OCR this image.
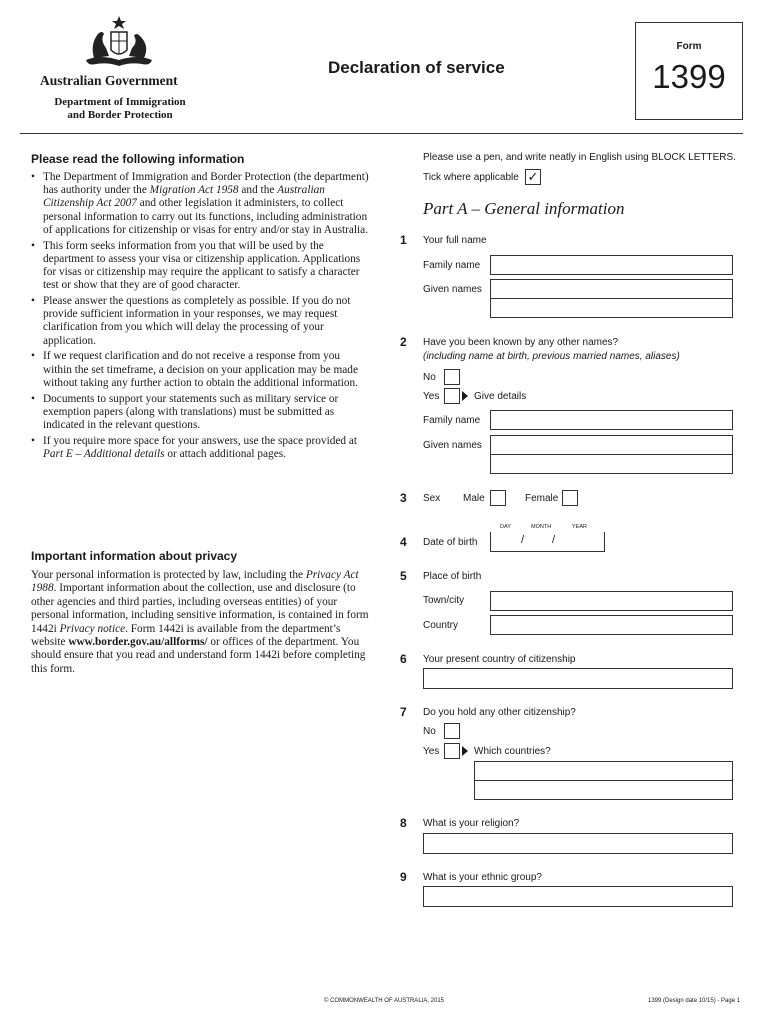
Australian Government
Department of Immigration
and Border Protection
Declaration of service
Form
1399
Please read the following information
• The Department of Immigration and Border Protection (the department) has authority under the Migration Act 1958 and the Australian Citizenship Act 2007 and other legislation it administers, to collect personal information to carry out its functions, including administration of applications for citizenship or visas for entry and/or stay in Australia.
• This form seeks information from you that will be used by the department to assess your visa or citizenship application. Applications for visas or citizenship may require the applicant to satisfy a character test or show that they are of good character.
• Please answer the questions as completely as possible. If you do not provide sufficient information in your responses, we may request clarification from you which will delay the processing of your application.
• If we request clarification and do not receive a response from you within the set timeframe, a decision on your application may be made without taking any further action to obtain the additional information.
• Documents to support your statements such as military service or exemption papers (along with translations) must be submitted as indicated in the relevant questions.
• If you require more space for your answers, use the space provided at Part E – Additional details or attach additional pages.
Important information about privacy
Your personal information is protected by law, including the Privacy Act 1988. Important information about the collection, use and disclosure (to other agencies and third parties, including overseas entities) of your personal information, including sensitive information, is contained in form 1442i Privacy notice. Form 1442i is available from the department’s website www.border.gov.au/allforms/ or offices of the department. You should ensure that you read and understand form 1442i before completing this form.
Please use a pen, and write neatly in English using BLOCK LETTERS.
Tick where applicable ✓
Part A – General information
1 Your full name
Family name
Given names
2 Have you been known by any other names?
(including name at birth, previous married names, aliases)
No
Yes	Give details
Family name
Given names
3 Sex Male	Female
DAY	MONTH	YEAR
4 Date of birth	/	/
5 Place of birth
Town/city
Country
6 Your present country of citizenship
7 Do you hold any other citizenship?
No
Yes	Which countries?
8 What is your religion?
9 What is your ethnic group?
© COMMONWEALTH OF AUSTRALIA, 2015	1399 (Design date 10/15) - Page 1
